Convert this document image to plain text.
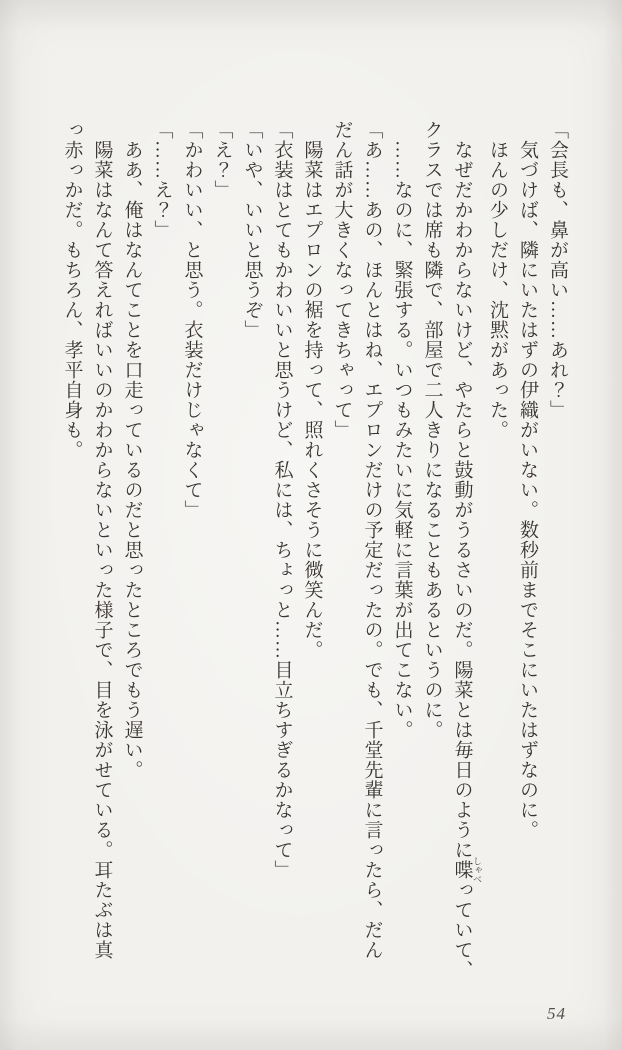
「会長も、鼻が高い……あれ？」
気づけば、隣にいたはずの伊織がいない。数秒前までそこにいたはずなのに。
ほんの少しだけ、沈黙があった。
なぜだかわからないけど、やたらと鼓動がうるさいのだ。陽菜とは毎日のように喋 しゃべっていて、
クラスでは席も隣で、部屋で二人きりになることもあるというのに。
……なのに、緊張する。いつもみたいに気軽に言葉が出てこない。
「あ……あの、ほんとはね、エプロンだけの予定だったの。でも、千堂先輩に言ったら、だん
だん話が大きくなってきちゃって」
陽菜はエプロンの裾を持って、照れくさそうに微笑んだ。
「衣装はとてもかわいいと思うけど、私には、ちょっと……目立ちすぎるかなって」
「いや、いいと思うぞ」
「え？」
「かわいい、と思う。衣装だけじゃなくて」
「……え？」
ああ、俺はなんてことを口走っているのだと思ったところでもう遅い。
陽菜はなんて答えればいいのかわからないといった様子で、目を泳がせている。耳たぶは真
っ赤っかだ。もちろん、孝平自身も。
54
